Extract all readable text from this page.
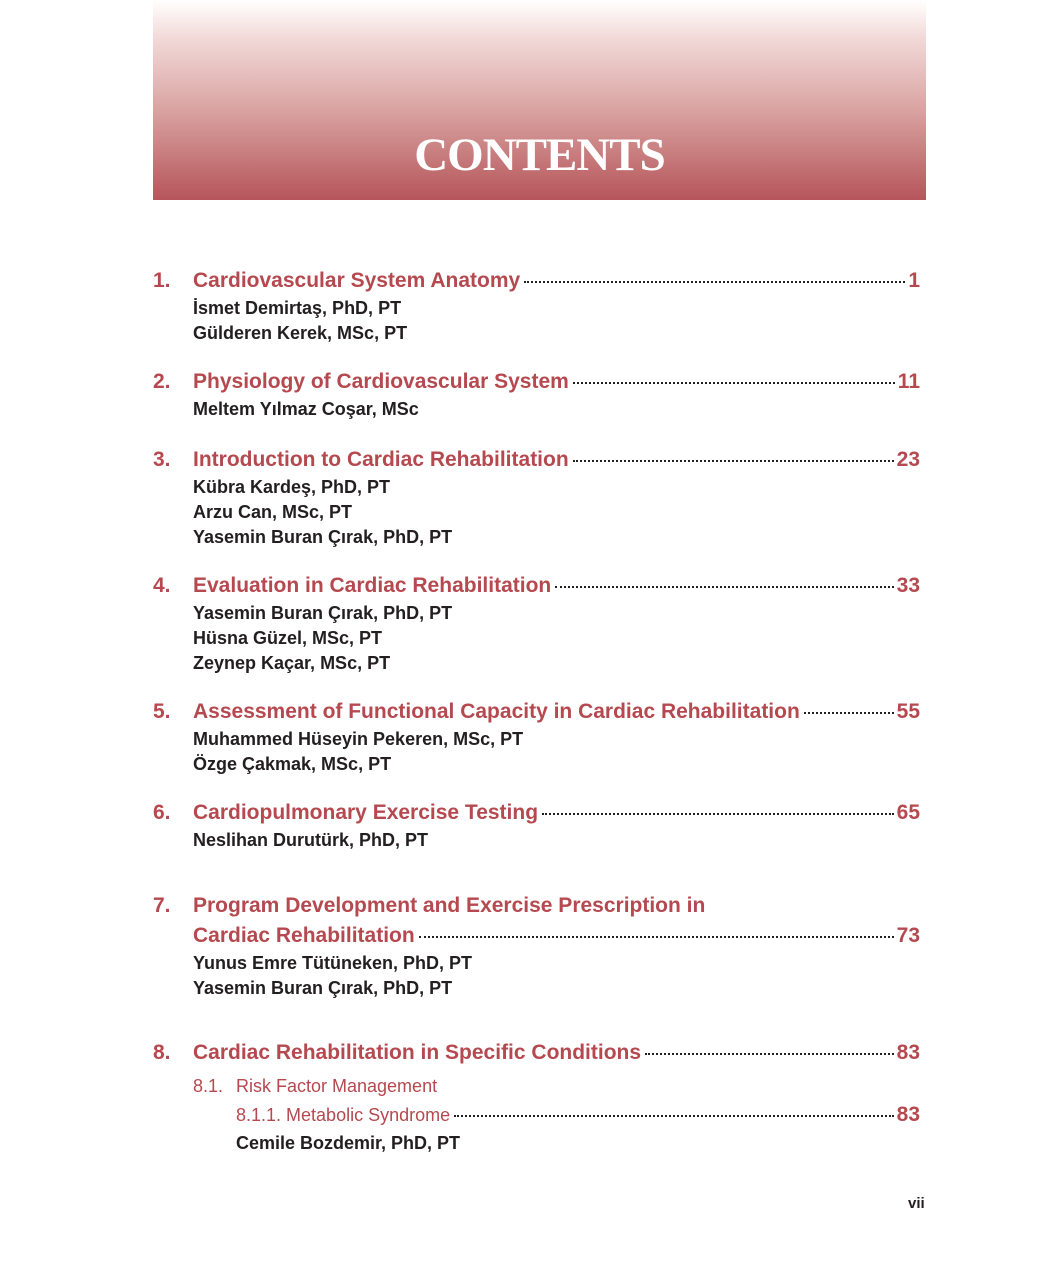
CONTENTS
1.	Cardiovascular System Anatomy	1
İsmet Demirtaş, PhD, PT
Gülderen Kerek, MSc, PT
2.	Physiology of Cardiovascular System	11
Meltem Yılmaz Coşar, MSc
3.	Introduction to Cardiac Rehabilitation	23
Kübra Kardeş, PhD, PT
Arzu Can, MSc, PT
Yasemin Buran Çırak, PhD, PT
4.	Evaluation in Cardiac Rehabilitation	33
Yasemin Buran Çırak, PhD, PT
Hüsna Güzel, MSc, PT
Zeynep Kaçar, MSc, PT
5.	Assessment of Functional Capacity in Cardiac Rehabilitation	55
Muhammed Hüseyin Pekeren, MSc, PT
Özge Çakmak, MSc, PT
6.	Cardiopulmonary Exercise Testing	65
Neslihan Durutürk, PhD, PT
7.	Program Development and Exercise Prescription in
Cardiac Rehabilitation	73
Yunus Emre Tütüneken, PhD, PT
Yasemin Buran Çırak, PhD, PT
8.	Cardiac Rehabilitation in Specific Conditions	83
8.1. Risk Factor Management
8.1.1. Metabolic Syndrome	83
Cemile Bozdemir, PhD, PT
vii
